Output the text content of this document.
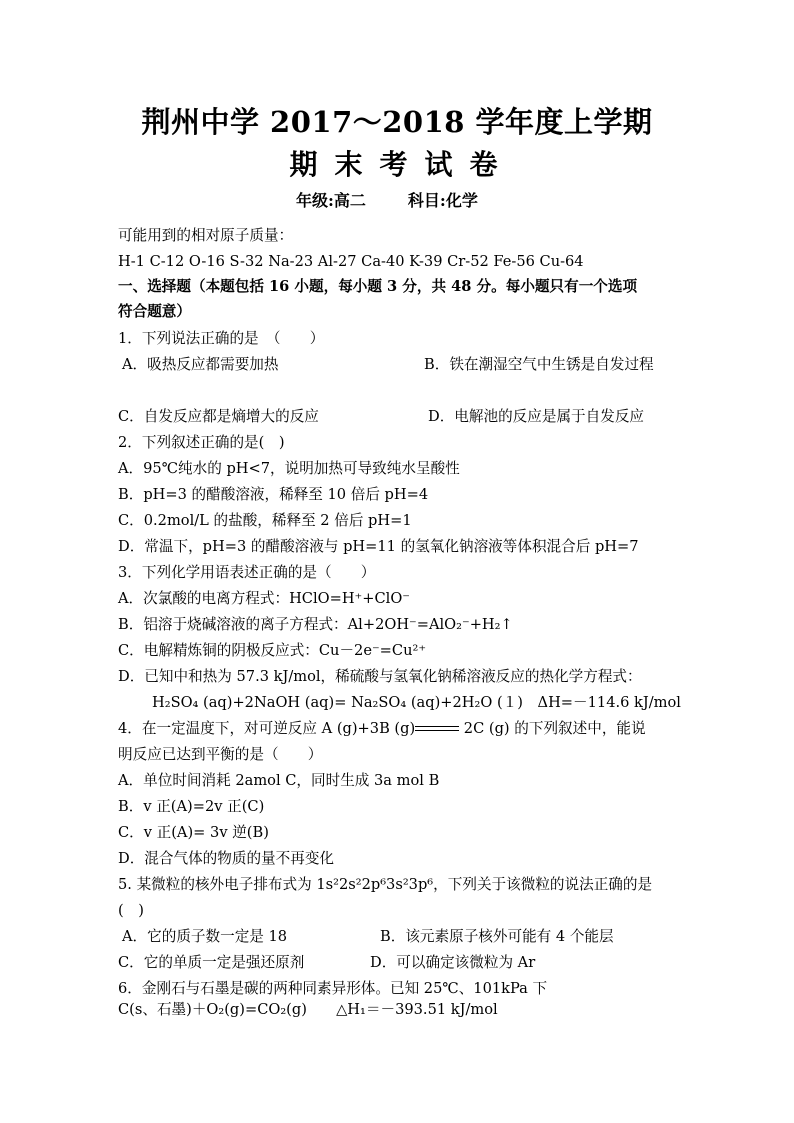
荆州中学 2017～2018 学年度上学期
期末考试卷
年级:高二	科目:化学
可能用到的相对原子质量：
H-1 C-12 O-16 S-32 Na-23 Al-27 Ca-40 K-39 Cr-52 Fe-56 Cu-64
一、选择题（本题包括 16 小题，每小题 3 分，共 48 分。每小题只有一个选项
符合题意）
1．下列说法正确的是　（　　）
A．吸热反应都需要加热	B．铁在潮湿空气中生锈是自发过程
C．自发反应都是熵增大的反应	D．电解池的反应是属于自发反应
2．下列叙述正确的是(　)
A．95℃纯水的 pH<7，说明加热可导致纯水呈酸性
B．pH=3 的醋酸溶液，稀释至 10 倍后 pH=4
C．0.2mol/L 的盐酸，稀释至 2 倍后 pH=1
D．常温下，pH=3 的醋酸溶液与 pH=11 的氢氧化钠溶液等体积混合后 pH=7
3．下列化学用语表述正确的是（　　）
A．次氯酸的电离方程式：HClO=H⁺+ClO⁻
B．铝溶于烧碱溶液的离子方程式：Al+2OH⁻=AlO₂⁻+H₂↑
C．电解精炼铜的阴极反应式：Cu－2e⁻=Cu²⁺
D．已知中和热为 57.3 kJ/mol，稀硫酸与氢氧化钠稀溶液反应的热化学方程式：
H₂SO₄ (aq)+2NaOH (aq)= Na₂SO₄ (aq)+2H₂O (１)　ΔH=－114.6 kJ/mol
4．在一定温度下，对可逆反应 A (g)+3B (g)	2C (g) 的下列叙述中，能说
明反应已达到平衡的是（　　）
A．单位时间消耗 2amol C，同时生成 3a mol B
B．v 正(A)=2v 正(C)
C．v 正(A)= 3v 逆(B)
D．混合气体的物质的量不再变化
5. 某微粒的核外电子排布式为 1s²2s²2p⁶3s²3p⁶，下列关于该微粒的说法正确的是
(　)
A．它的质子数一定是 18	B．该元素原子核外可能有 4 个能层
C．它的单质一定是强还原剂	D．可以确定该微粒为 Ar
6．金刚石与石墨是碳的两种同素异形体。已知 25℃、101kPa 下
C(s、石墨)＋O₂(g)=CO₂(g)　　△H₁＝－393.51 kJ/mol
